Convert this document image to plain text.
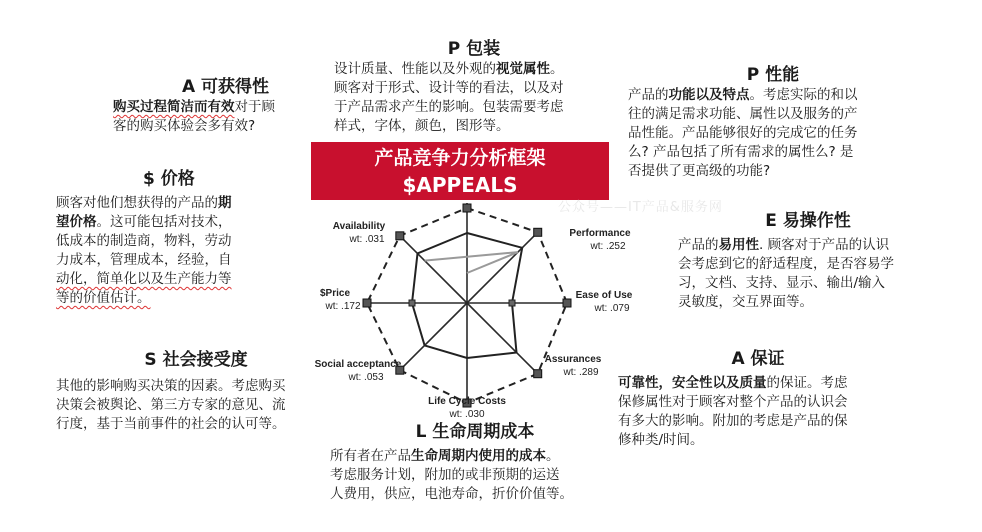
产品竞争力分析框架
$APPEALS
公众号——IT产品&服务网
P 包装
设计质量、性能以及外观的视觉属性。
顾客对于形式、设计等的看法，以及对
于产品需求产生的影响。包装需要考虑
样式，字体，颜色，图形等。
A 可获得性
购买过程简洁而有效对于顾
客的购买体验会多有效?
P 性能
产品的功能以及特点。考虑实际的和以
往的满足需求功能、属性以及服务的产
品性能。产品能够很好的完成它的任务
么? 产品包括了所有需求的属性么? 是
否提供了更高级的功能?
$ 价格
顾客对他们想获得的产品的期
望价格。这可能包括对技术，
低成本的制造商，物料，劳动
力成本，管理成本，经验，自
动化，简单化以及生产能力等
等的价值估计。
E 易操作性
产品的易用性. 顾客对于产品的认识
会考虑到它的舒适程度，是否容易学
习，文档、支持、显示、输出/输入
灵敏度，交互界面等。
S 社会接受度
其他的影响购买决策的因素。考虑购买
决策会被舆论、第三方专家的意见、流
行度，基于当前事件的社会的认可等。
A 保证
可靠性，安全性以及质量的保证。考虑
保修属性对于顾客对整个产品的认识会
有多大的影响。附加的考虑是产品的保
修种类/时间。
L 生命周期成本
所有者在产品生命周期内使用的成本。
考虑服务计划，附加的或非预期的运送
人费用，供应，电池寿命，折价价值等。
Performance
wt: .252
Ease of Use
wt: .079
Assurances
wt: .289
Life Cycle Costs
wt: .030
Social acceptance
wt: .053
$Price
wt: .172
Availability
wt: .031
